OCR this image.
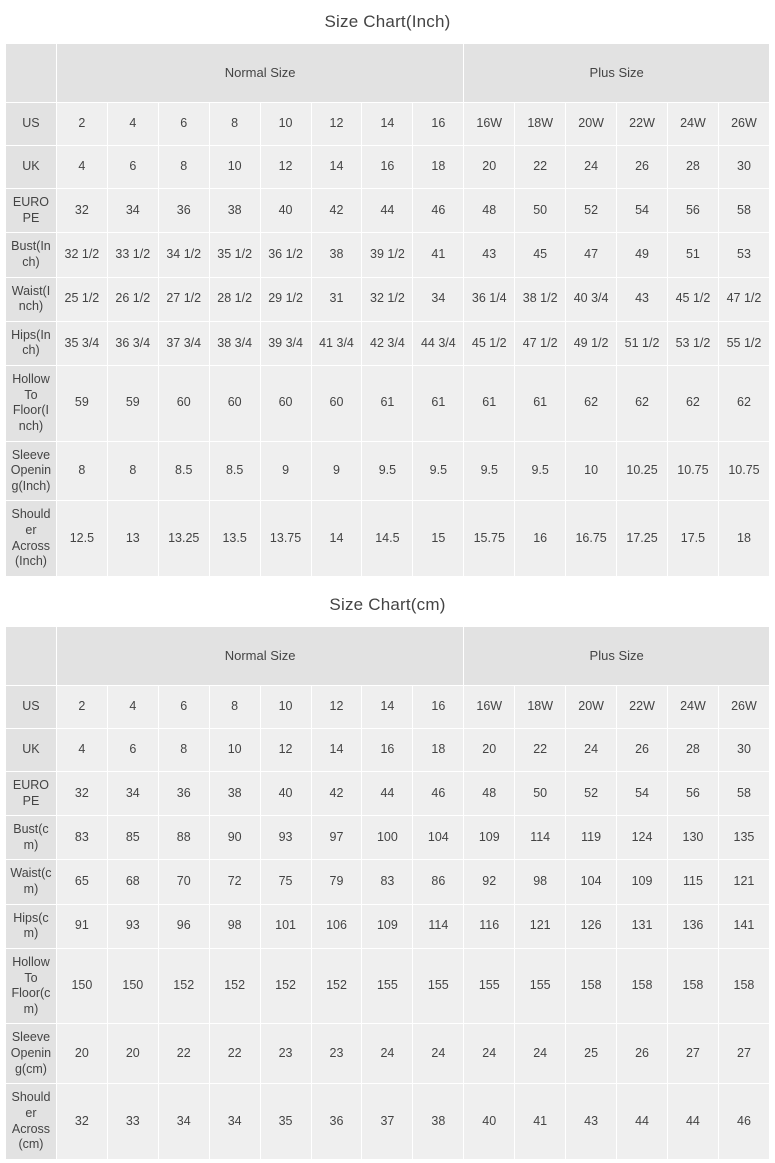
Size Chart(Inch)
	Normal Size								Plus Size					
US	2	4	6	8	10	12	14	16	16W	18W	20W	22W	24W	26W
UK	4	6	8	10	12	14	16	18	20	22	24	26	28	30
EUROPE	32	34	36	38	40	42	44	46	48	50	52	54	56	58
Bust(Inch)	32 1/2	33 1/2	34 1/2	35 1/2	36 1/2	38	39 1/2	41	43	45	47	49	51	53
Waist(Inch)	25 1/2	26 1/2	27 1/2	28 1/2	29 1/2	31	32 1/2	34	36 1/4	38 1/2	40 3/4	43	45 1/2	47 1/2
Hips(Inch)	35 3/4	36 3/4	37 3/4	38 3/4	39 3/4	41 3/4	42 3/4	44 3/4	45 1/2	47 1/2	49 1/2	51 1/2	53 1/2	55 1/2
Hollow To Floor(Inch)	59	59	60	60	60	60	61	61	61	61	62	62	62	62
Sleeve Opening(Inch)	8	8	8.5	8.5	9	9	9.5	9.5	9.5	9.5	10	10.25	10.75	10.75
Shoulder Across(Inch)	12.5	13	13.25	13.5	13.75	14	14.5	15	15.75	16	16.75	17.25	17.5	18
Size Chart(cm)
	Normal Size								Plus Size					
US	2	4	6	8	10	12	14	16	16W	18W	20W	22W	24W	26W
UK	4	6	8	10	12	14	16	18	20	22	24	26	28	30
EUROPE	32	34	36	38	40	42	44	46	48	50	52	54	56	58
Bust(cm)	83	85	88	90	93	97	100	104	109	114	119	124	130	135
Waist(cm)	65	68	70	72	75	79	83	86	92	98	104	109	115	121
Hips(cm)	91	93	96	98	101	106	109	114	116	121	126	131	136	141
Hollow To Floor(cm)	150	150	152	152	152	152	155	155	155	155	158	158	158	158
Sleeve Opening(cm)	20	20	22	22	23	23	24	24	24	24	25	26	27	27
Shoulder Across(cm)	32	33	34	34	35	36	37	38	40	41	43	44	44	46
